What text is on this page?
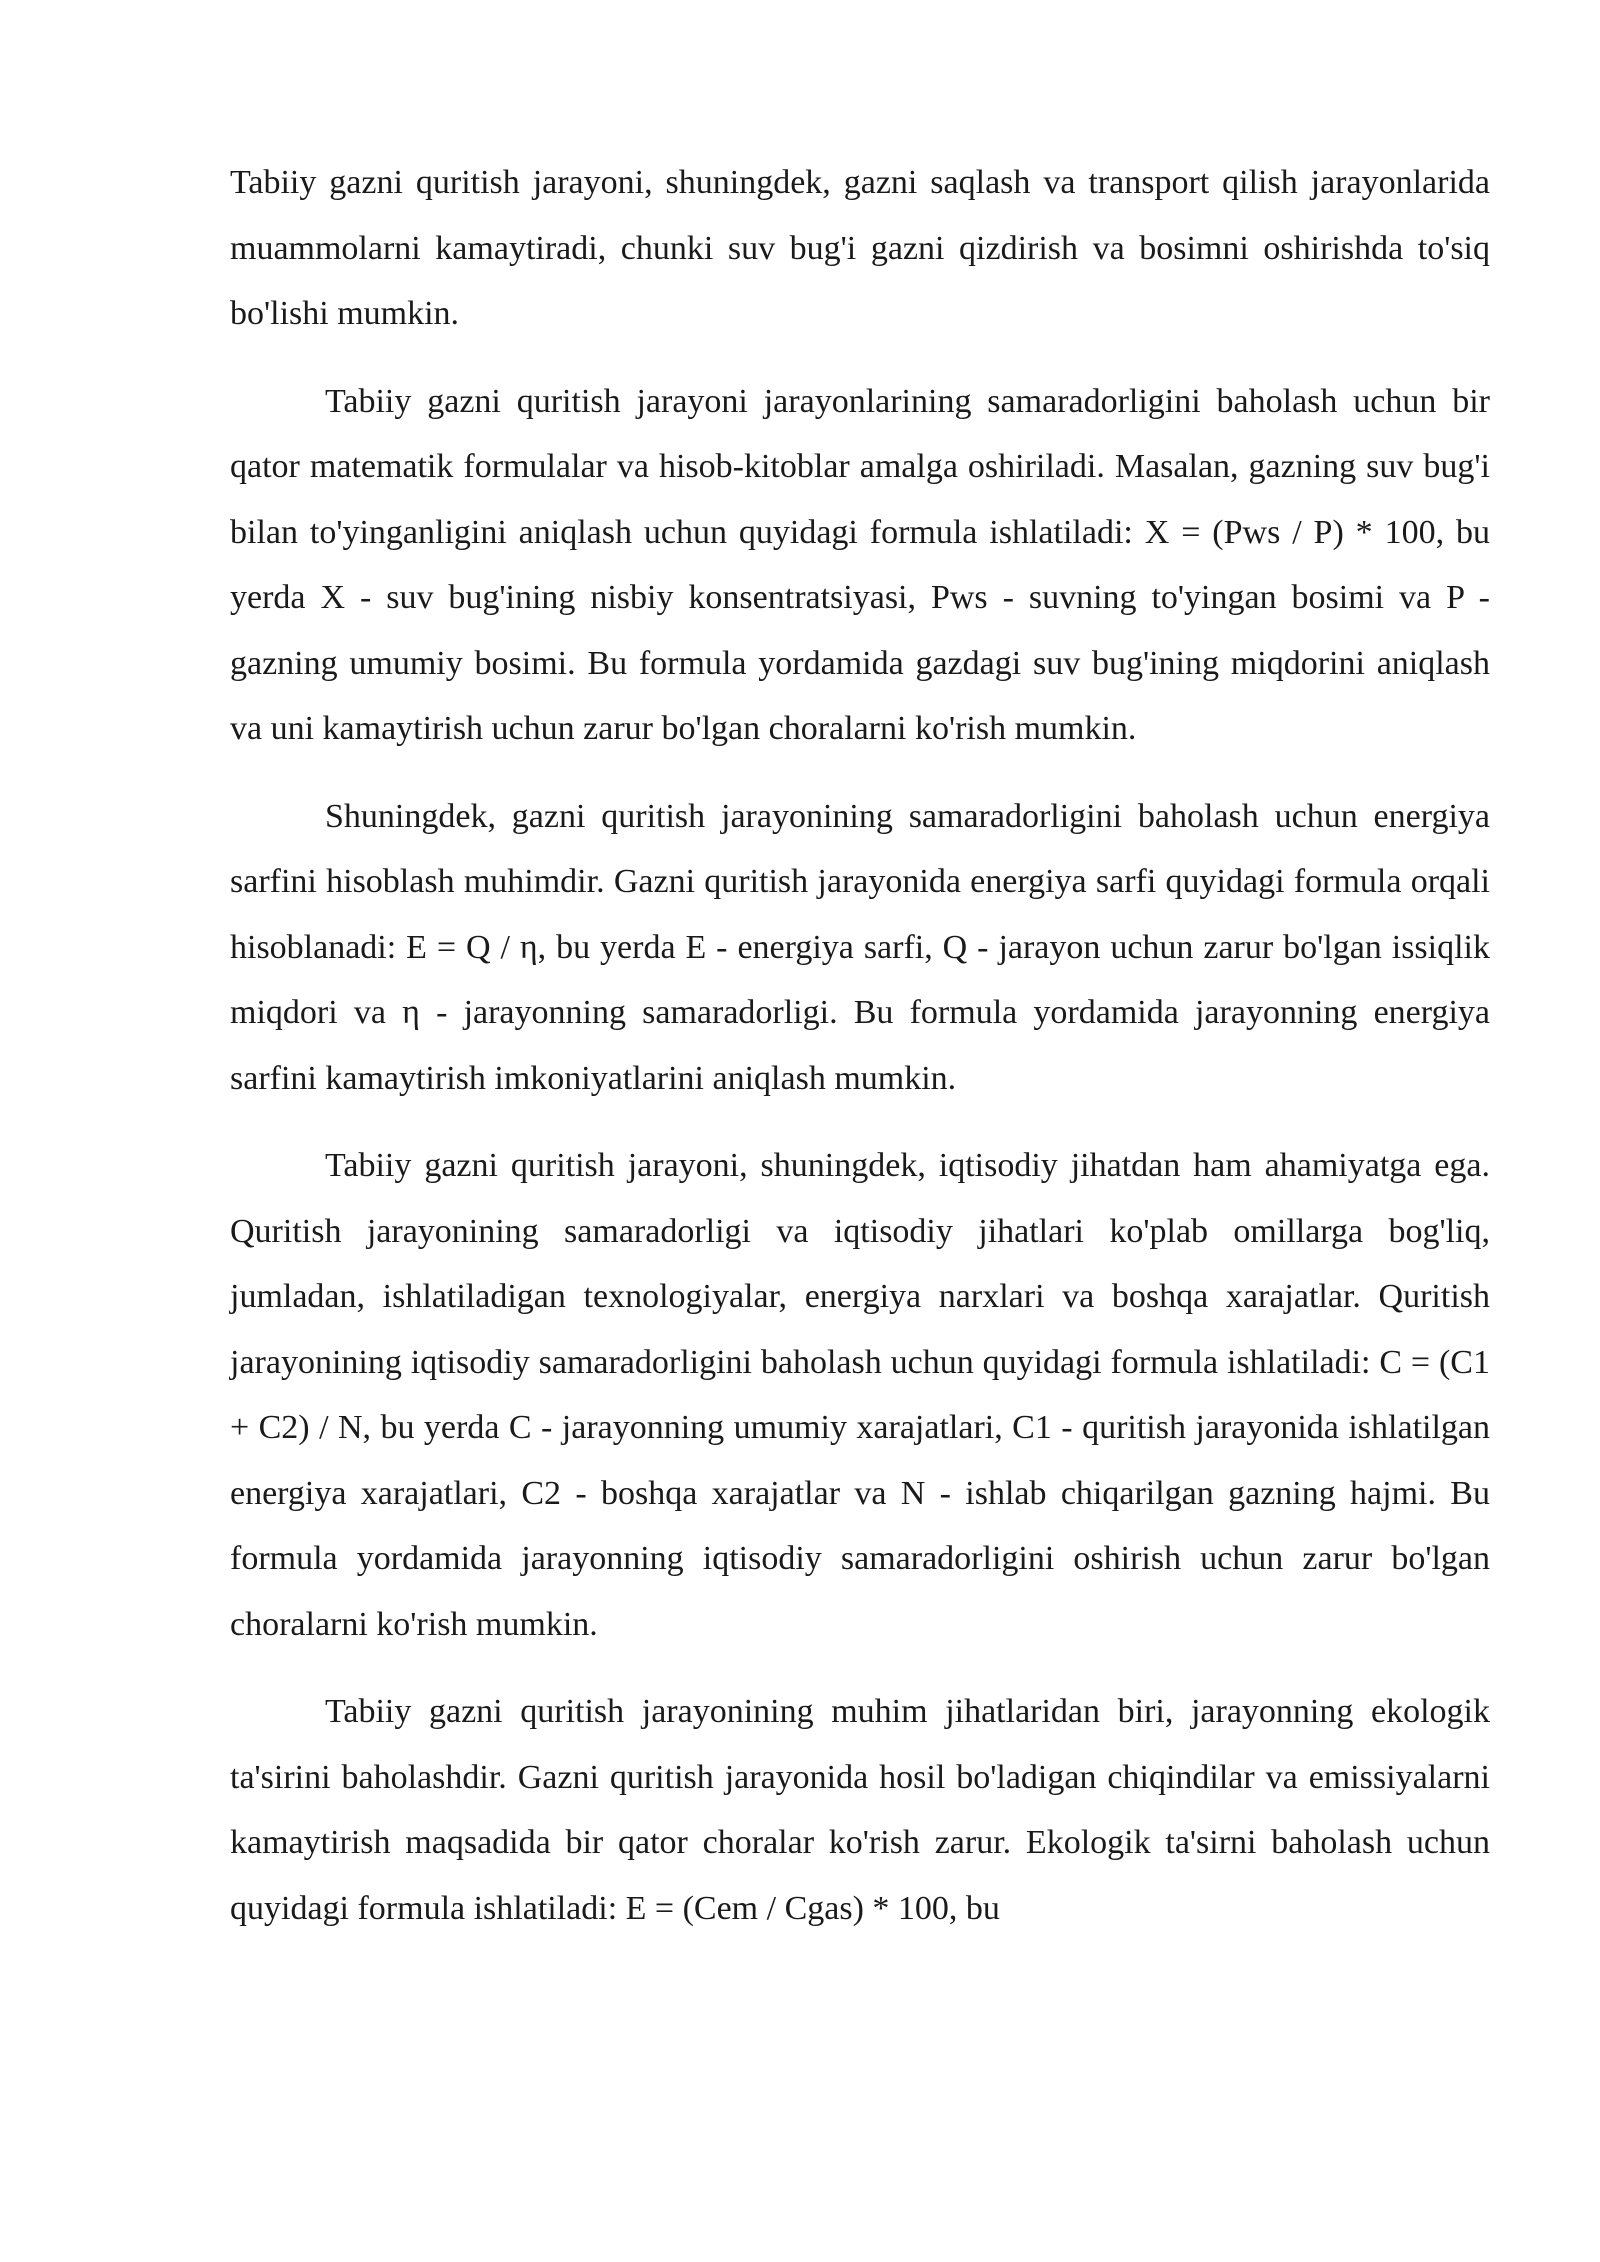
Tabiiy gazni quritish jarayoni, shuningdek, gazni saqlash va transport qilish jarayonlarida muammolarni kamaytiradi, chunki suv bug'i gazni qizdirish va bosimni oshirishda to'siq bo'lishi mumkin.

Tabiiy gazni quritish jarayoni jarayonlarining samaradorligini baholash uchun bir qator matematik formulalar va hisob-kitoblar amalga oshiriladi. Masalan, gazning suv bug'i bilan to'yinganligini aniqlash uchun quyidagi formula ishlatiladi: X = (Pws / P) * 100, bu yerda X - suv bug'ining nisbiy konsentratsiyasi, Pws - suvning to'yingan bosimi va P - gazning umumiy bosimi. Bu formula yordamida gazdagi suv bug'ining miqdorini aniqlash va uni kamaytirish uchun zarur bo'lgan choralarni ko'rish mumkin.

Shuningdek, gazni quritish jarayonining samaradorligini baholash uchun energiya sarfini hisoblash muhimdir. Gazni quritish jarayonida energiya sarfi quyidagi formula orqali hisoblanadi: E = Q / η, bu yerda E - energiya sarfi, Q - jarayon uchun zarur bo'lgan issiqlik miqdori va η - jarayonning samaradorligi. Bu formula yordamida jarayonning energiya sarfini kamaytirish imkoniyatlarini aniqlash mumkin.

Tabiiy gazni quritish jarayoni, shuningdek, iqtisodiy jihatdan ham ahamiyatga ega. Quritish jarayonining samaradorligi va iqtisodiy jihatlari ko'plab omillarga bog'liq, jumladan, ishlatiladigan texnologiyalar, energiya narxlari va boshqa xarajatlar. Quritish jarayonining iqtisodiy samaradorligini baholash uchun quyidagi formula ishlatiladi: C = (C1 + C2) / N, bu yerda C - jarayonning umumiy xarajatlari, C1 - quritish jarayonida ishlatilgan energiya xarajatlari, C2 - boshqa xarajatlar va N - ishlab chiqarilgan gazning hajmi. Bu formula yordamida jarayonning iqtisodiy samaradorligini oshirish uchun zarur bo'lgan choralarni ko'rish mumkin.

Tabiiy gazni quritish jarayonining muhim jihatlaridan biri, jarayonning ekologik ta'sirini baholashdir. Gazni quritish jarayonida hosil bo'ladigan chiqindilar va emissiyalarni kamaytirish maqsadida bir qator choralar ko'rish zarur. Ekologik ta'sirni baholash uchun quyidagi formula ishlatiladi: E = (Cem / Cgas) * 100, bu
